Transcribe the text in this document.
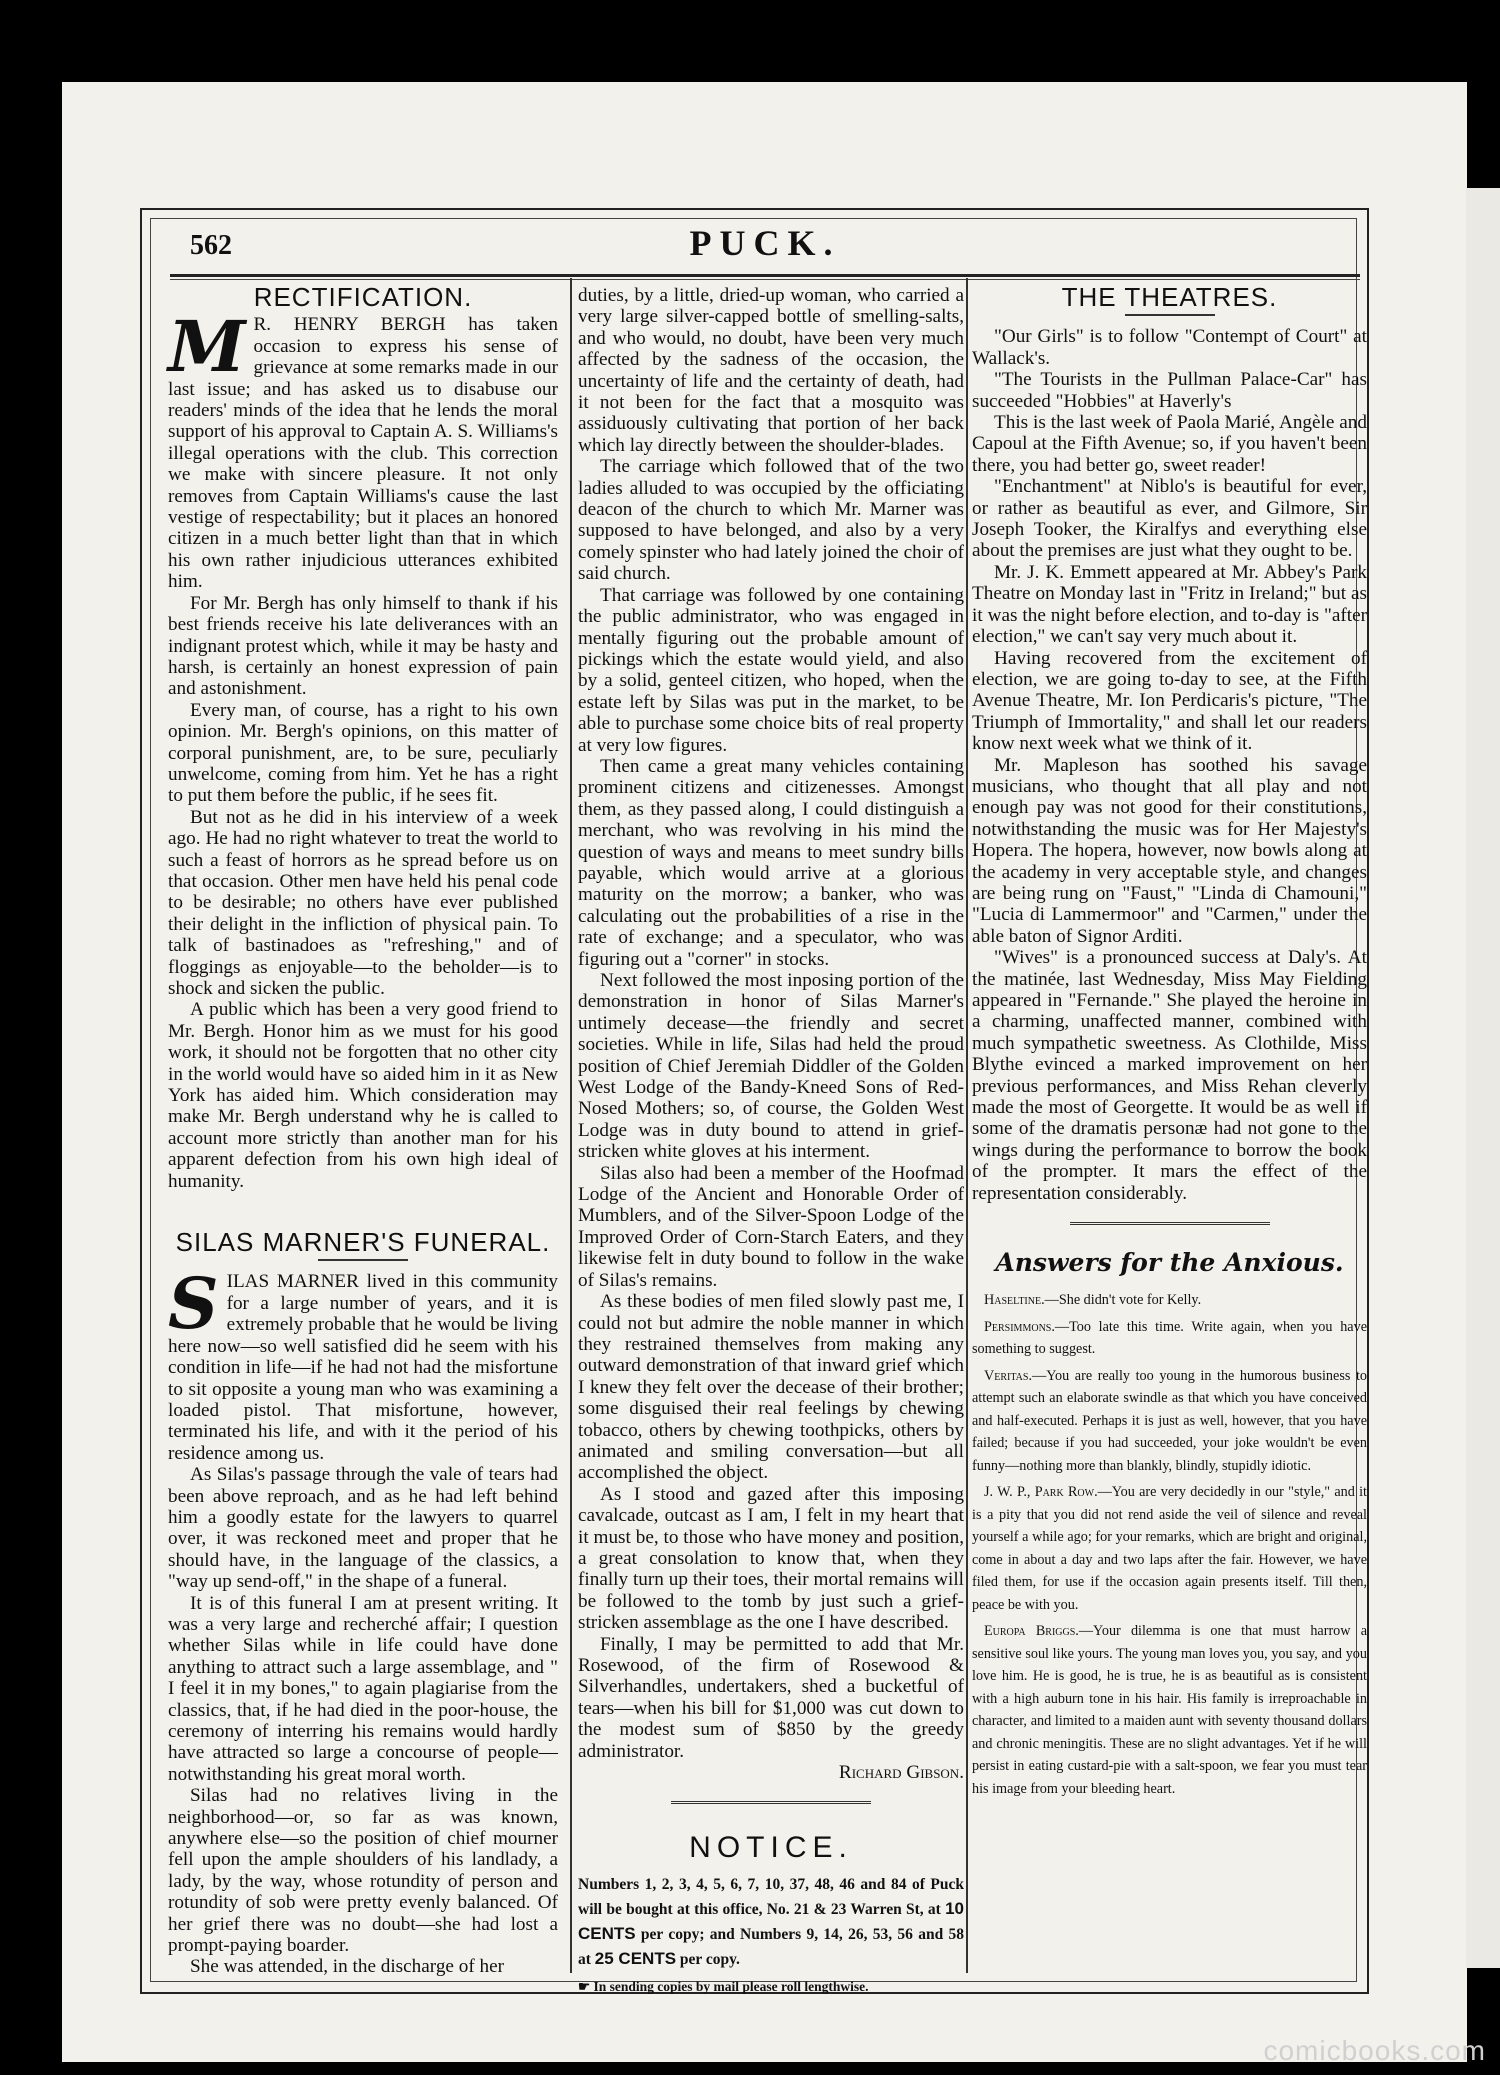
562	PUCK.
RECTIFICATION.

M R. HENRY BERGH has taken occasion to express his sense of grievance at some remarks made in our last issue; and has asked us to disabuse our readers' minds of the idea that he lends the moral support of his approval to Captain A. S. Williams's illegal operations with the club. This correction we make with sincere pleasure. It not only removes from Captain Williams's cause the last vestige of respectability; but it places an honored citizen in a much better light than that in which his own rather injudicious utterances exhibited him.

For Mr. Bergh has only himself to thank if his best friends receive his late deliverances with an indignant protest which, while it may be hasty and harsh, is certainly an honest expression of pain and astonishment.

Every man, of course, has a right to his own opinion. Mr. Bergh's opinions, on this matter of corporal punishment, are, to be sure, peculiarly unwelcome, coming from him. Yet he has a right to put them before the public, if he sees fit.

But not as he did in his interview of a week ago. He had no right whatever to treat the world to such a feast of horrors as he spread before us on that occasion. Other men have held his penal code to be desirable; no others have ever published their delight in the infliction of physical pain. To talk of bastinadoes as "refreshing," and of floggings as enjoyable—to the beholder—is to shock and sicken the public.

A public which has been a very good friend to Mr. Bergh. Honor him as we must for his good work, it should not be forgotten that no other city in the world would have so aided him in it as New York has aided him. Which consideration may make Mr. Bergh understand why he is called to account more strictly than another man for his apparent defection from his own high ideal of humanity.

SILAS MARNER'S FUNERAL.

SILAS MARNER lived in this community for a large number of years, and it is extremely probable that he would be living here now—so well satisfied did he seem with his condition in life—if he had not had the misfortune to sit opposite a young man who was examining a loaded pistol. That misfortune, however, terminated his life, and with it the period of his residence among us.

As Silas's passage through the vale of tears had been above reproach, and as he had left behind him a goodly estate for the lawyers to quarrel over, it was reckoned meet and proper that he should have, in the language of the classics, a "way up send-off," in the shape of a funeral.

It is of this funeral I am at present writing. It was a very large and recherché affair; I question whether Silas while in life could have done anything to attract such a large assemblage, and " I feel it in my bones," to again plagiarise from the classics, that, if he had died in the poor-house, the ceremony of interring his remains would hardly have attracted so large a concourse of people—notwithstanding his great moral worth.

Silas had no relatives living in the neighborhood—or, so far as was known, anywhere else—so the position of chief mourner fell upon the ample shoulders of his landlady, a lady, by the way, whose rotundity of person and rotundity of sob were pretty evenly balanced. Of her grief there was no doubt—she had lost a prompt-paying boarder.

She was attended, in the discharge of her

duties, by a little, dried-up woman, who carried a very large silver-capped bottle of smelling-salts, and who would, no doubt, have been very much affected by the sadness of the occasion, the uncertainty of life and the certainty of death, had it not been for the fact that a mosquito was assiduously cultivating that portion of her back which lay directly between the shoulder-blades.

The carriage which followed that of the two ladies alluded to was occupied by the officiating deacon of the church to which Mr. Marner was supposed to have belonged, and also by a very comely spinster who had lately joined the choir of said church.

That carriage was followed by one containing the public administrator, who was engaged in mentally figuring out the probable amount of pickings which the estate would yield, and also by a solid, genteel citizen, who hoped, when the estate left by Silas was put in the market, to be able to purchase some choice bits of real property at very low figures.

Then came a great many vehicles containing prominent citizens and citizenesses. Amongst them, as they passed along, I could distinguish a merchant, who was revolving in his mind the question of ways and means to meet sundry bills payable, which would arrive at a glorious maturity on the morrow; a banker, who was calculating out the probabilities of a rise in the rate of exchange; and a speculator, who was figuring out a "corner" in stocks.

Next followed the most inposing portion of the demonstration in honor of Silas Marner's untimely decease—the friendly and secret societies. While in life, Silas had held the proud position of Chief Jeremiah Diddler of the Golden West Lodge of the Bandy-Kneed Sons of Red-Nosed Mothers; so, of course, the Golden West Lodge was in duty bound to attend in grief-stricken white gloves at his interment.

Silas also had been a member of the Hoofmad Lodge of the Ancient and Honorable Order of Mumblers, and of the Silver-Spoon Lodge of the Improved Order of Corn-Starch Eaters, and they likewise felt in duty bound to follow in the wake of Silas's remains.

As these bodies of men filed slowly past me, I could not but admire the noble manner in which they restrained themselves from making any outward demonstration of that inward grief which I knew they felt over the decease of their brother; some disguised their real feelings by chewing tobacco, others by chewing toothpicks, others by animated and smiling conversation—but all accomplished the object.

As I stood and gazed after this imposing cavalcade, outcast as I am, I felt in my heart that it must be, to those who have money and position, a great consolation to know that, when they finally turn up their toes, their mortal remains will be followed to the tomb by just such a grief-stricken assemblage as the one I have described.

Finally, I may be permitted to add that Mr. Rosewood, of the firm of Rosewood & Silverhandles, undertakers, shed a bucketful of tears—when his bill for $1,000 was cut down to the modest sum of $850 by the greedy administrator.

Richard Gibson.
NOTICE.
Numbers 1, 2, 3, 4, 5, 6, 7, 10, 37, 48, 46 and 84 of Puck will be bought at this office, No. 21 & 23 Warren St, at 10 CENTS per copy; and Numbers 9, 14, 26, 53, 56 and 58 at 25 CENTS per copy.
☛ In sending copies by mail please roll lengthwise.
THE THEATRES.

"Our Girls" is to follow "Contempt of Court" at Wallack's.

"The Tourists in the Pullman Palace-Car" has succeeded "Hobbies" at Haverly's

This is the last week of Paola Marié, Angèle and Capoul at the Fifth Avenue; so, if you haven't been there, you had better go, sweet reader!

"Enchantment" at Niblo's is beautiful for ever, or rather as beautiful as ever, and Gilmore, Sir Joseph Tooker, the Kiralfys and everything else about the premises are just what they ought to be.

Mr. J. K. Emmett appeared at Mr. Abbey's Park Theatre on Monday last in "Fritz in Ireland;" but as it was the night before election, and to-day is "after election," we can't say very much about it.

Having recovered from the excitement of election, we are going to-day to see, at the Fifth Avenue Theatre, Mr. Ion Perdicaris's picture, "The Triumph of Immortality," and shall let our readers know next week what we think of it.

Mr. Mapleson has soothed his savage musicians, who thought that all play and not enough pay was not good for their constitutions, notwithstanding the music was for Her Majesty's Hopera. The hopera, however, now bowls along at the academy in very acceptable style, and changes are being rung on "Faust," "Linda di Chamouni," "Lucia di Lammermoor" and "Carmen," under the able baton of Signor Arditi.

"Wives" is a pronounced success at Daly's. At the matinée, last Wednesday, Miss May Fielding appeared in "Fernande." She played the heroine in a charming, unaffected manner, combined with much sympathetic sweetness. As Clothilde, Miss Blythe evinced a marked improvement on her previous performances, and Miss Rehan cleverly made the most of Georgette. It would be as well if some of the dramatis personæ had not gone to the wings during the performance to borrow the book of the prompter. It mars the effect of the representation considerably.

Answers for the Anxious.

Haseltine.—She didn't vote for Kelly.

Persimmons.—Too late this time. Write again, when you have something to suggest.

Veritas.—You are really too young in the humorous business to attempt such an elaborate swindle as that which you have conceived and half-executed. Perhaps it is just as well, however, that you have failed; because if you had succeeded, your joke wouldn't be even funny—nothing more than blankly, blindly, stupidly idiotic.

J. W. P., Park Row.—You are very decidedly in our "style," and it is a pity that you did not rend aside the veil of silence and reveal yourself a while ago; for your remarks, which are bright and original, come in about a day and two laps after the fair. However, we have filed them, for use if the occasion again presents itself. Till then, peace be with you.

Europa Briggs.—Your dilemma is one that must harrow a sensitive soul like yours. The young man loves you, you say, and you love him. He is good, he is true, he is as beautiful as is consistent with a high auburn tone in his hair. His family is irreproachable in character, and limited to a maiden aunt with seventy thousand dollars and chronic meningitis. These are no slight advantages. Yet if he will persist in eating custard-pie with a salt-spoon, we fear you must tear his image from your bleeding heart.

comicbooks.com
